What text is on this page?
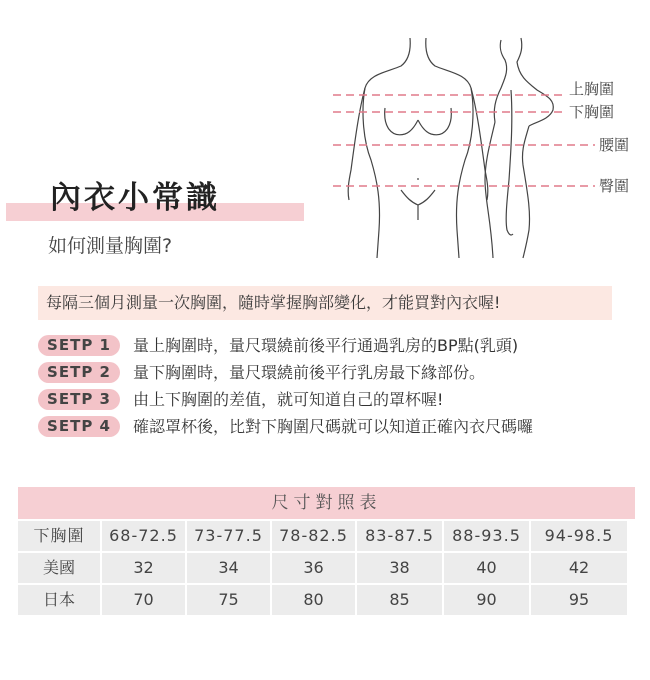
上胸圍
下胸圍
腰圍
臀圍
內衣小常識
如何測量胸圍?
每隔三個月測量一次胸圍，隨時掌握胸部變化，才能買對內衣喔!
SETP 1	量上胸圍時，量尺環繞前後平行通過乳房的BP點(乳頭)
SETP 2	量下胸圍時，量尺環繞前後平行乳房最下緣部份。
SETP 3	由上下胸圍的差值，就可知道自己的罩杯喔!
SETP 4	確認罩杯後，比對下胸圍尺碼就可以知道正確內衣尺碼囉
尺寸對照表
下胸圍	68-72.5	73-77.5	78-82.5	83-87.5	88-93.5	94-98.5
美國	32	34	36	38	40	42
日本	70	75	80	85	90	95
